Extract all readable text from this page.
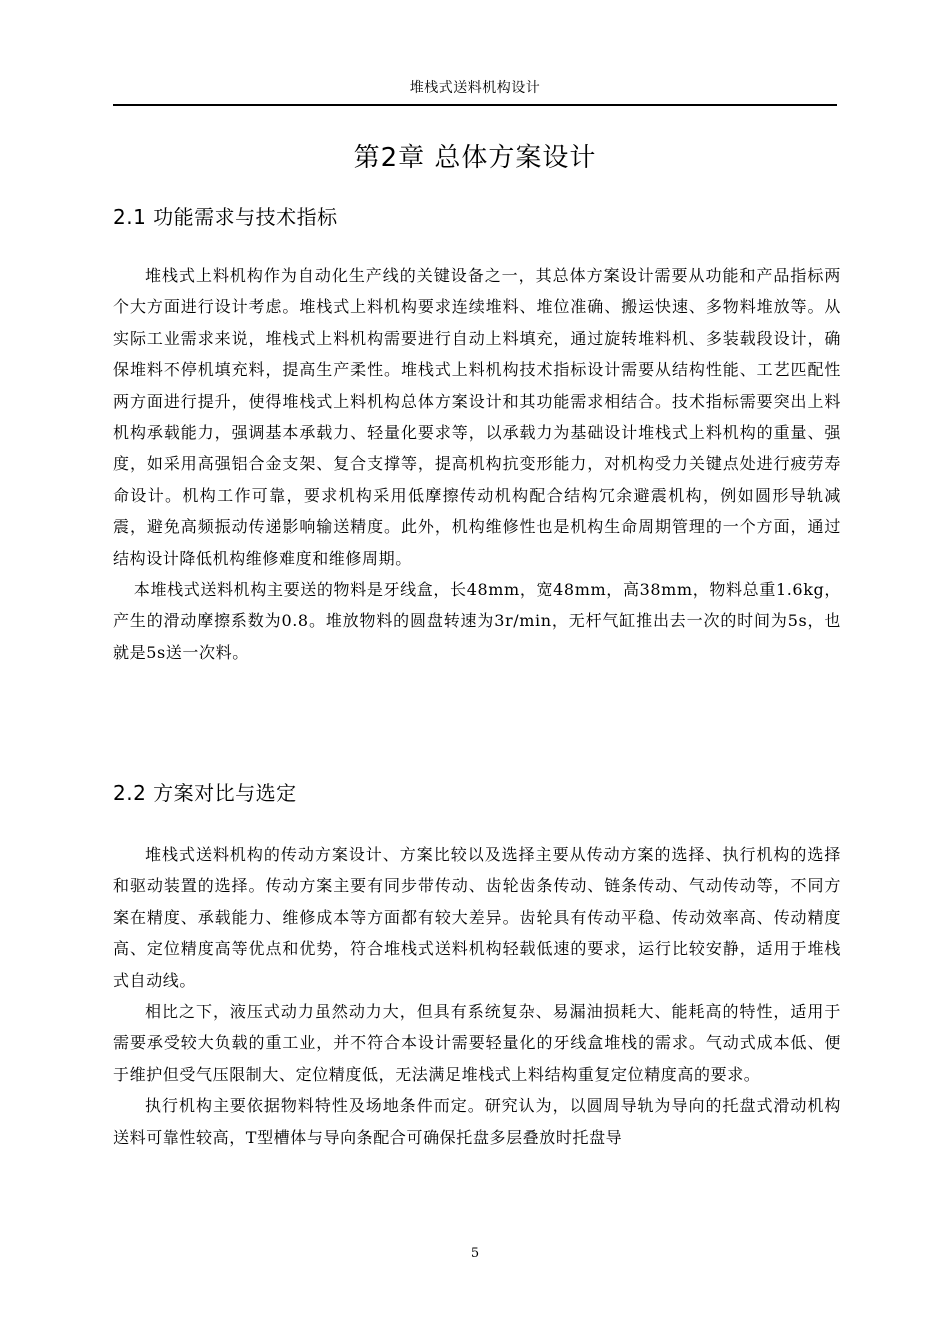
堆栈式送料机构设计
第2章 总体方案设计
2.1 功能需求与技术指标

堆栈式上料机构作为自动化生产线的关键设备之一，其总体方案设计需要从功能和产品指标两个大方面进行设计考虑。堆栈式上料机构要求连续堆料、堆位准确、搬运快速、多物料堆放等。从实际工业需求来说，堆栈式上料机构需要进行自动上料填充，通过旋转堆料机、多装载段设计，确保堆料不停机填充料，提高生产柔性。堆栈式上料机构技术指标设计需要从结构性能、工艺匹配性两方面进行提升，使得堆栈式上料机构总体方案设计和其功能需求相结合。技术指标需要突出上料机构承载能力，强调基本承载力、轻量化要求等，以承载力为基础设计堆栈式上料机构的重量、强度，如采用高强铝合金支架、复合支撑等，提高机构抗变形能力，对机构受力关键点处进行疲劳寿命设计。机构工作可靠，要求机构采用低摩擦传动机构配合结构冗余避震机构，例如圆形导轨减震，避免高频振动传递影响输送精度。此外，机构维修性也是机构生命周期管理的一个方面，通过结构设计降低机构维修难度和维修周期。

本堆栈式送料机构主要送的物料是牙线盒，长48mm，宽48mm，高38mm，物料总重1.6kg，产生的滑动摩擦系数为0.8。堆放物料的圆盘转速为3r/min，无杆气缸推出去一次的时间为5s，也就是5s送一次料。

2.2 方案对比与选定

堆栈式送料机构的传动方案设计、方案比较以及选择主要从传动方案的选择、执行机构的选择和驱动装置的选择。传动方案主要有同步带传动、齿轮齿条传动、链条传动、气动传动等，不同方案在精度、承载能力、维修成本等方面都有较大差异。齿轮具有传动平稳、传动效率高、传动精度高、定位精度高等优点和优势，符合堆栈式送料机构轻载低速的要求，运行比较安静，适用于堆栈式自动线。

相比之下，液压式动力虽然动力大，但具有系统复杂、易漏油损耗大、能耗高的特性，适用于需要承受较大负载的重工业，并不符合本设计需要轻量化的牙线盒堆栈的需求。气动式成本低、便于维护但受气压限制大、定位精度低，无法满足堆栈式上料结构重复定位精度高的要求。

执行机构主要依据物料特性及场地条件而定。研究认为，以圆周导轨为导向的托盘式滑动机构送料可靠性较高，T型槽体与导向条配合可确保托盘多层叠放时托盘导

5
